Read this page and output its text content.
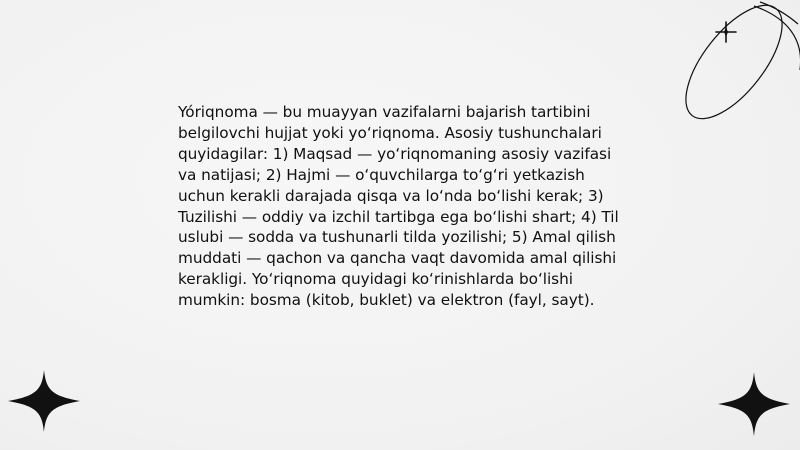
Yóriqnoma — bu muayyan vazifalarni bajarish tartibini belgilovchi hujjat yoki yoʻriqnoma. Asosiy tushunchalari quyidagilar: 1) Maqsad — yoʻriqnomaning asosiy vazifasi va natijasi; 2) Hajmi — oʻquvchilarga toʻgʻri yetkazish uchun kerakli darajada qisqa va loʻnda boʻlishi kerak; 3) Tuzilishi — oddiy va izchil tartibga ega boʻlishi shart; 4) Til uslubi — sodda va tushunarli tilda yozilishi; 5) Amal qilish muddati — qachon va qancha vaqt davomida amal qilishi kerakligi. Yoʻriqnoma quyidagi koʻrinishlarda boʻlishi mumkin: bosma (kitob, buklet) va elektron (fayl, sayt).
